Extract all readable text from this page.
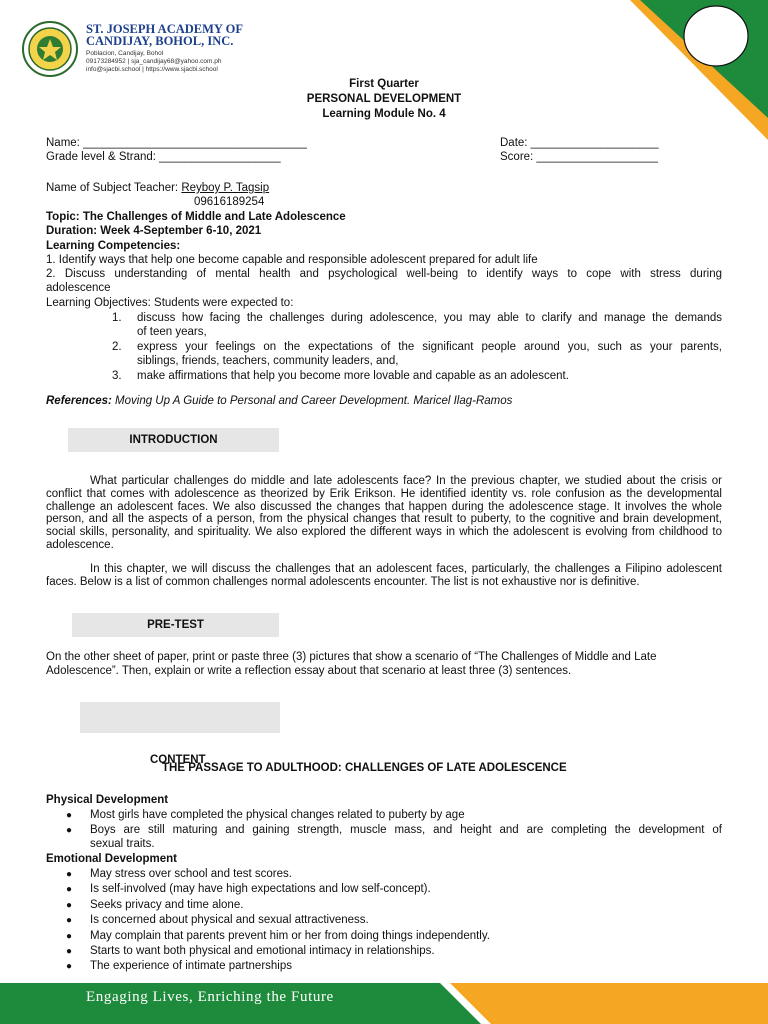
ST. JOSEPH ACADEMY OF
CANDIJAY, BOHOL, INC.
Poblacion, Candijay, Bohol
09173284952 | sja_candijay68@yahoo.com.ph
info@sjacbi.school | https://www.sjacbi.school
First Quarter
PERSONAL DEVELOPMENT
Learning Module No. 4
Name: ___________________________________	Date: ____________________
Grade level & Strand: ___________________	Score: ___________________
Name of Subject Teacher: Reyboy P. Tagsip
09616189254
Topic: The Challenges of Middle and Late Adolescence
Duration: Week 4-September 6-10, 2021
Learning Competencies:
1. Identify ways that help one become capable and responsible adolescent prepared for adult life
2. Discuss understanding of mental health and psychological well-being to identify ways to cope with stress during
adolescence
Learning Objectives: Students were expected to:
1. discuss how facing the challenges during adolescence, you may able to clarify and manage the demands
of teen years,
2. express your feelings on the expectations of the significant people around you, such as your parents,
siblings, friends, teachers, community leaders, and,
3. make affirmations that help you become more lovable and capable as an adolescent.
References: Moving Up A Guide to Personal and Career Development. Maricel Ilag-Ramos
INTRODUCTION
What particular challenges do middle and late adolescents face? In the previous chapter, we studied about the crisis or conflict that comes with adolescence as theorized by Erik Erikson. He identified identity vs. role confusion as the developmental challenge an adolescent faces. We also discussed the changes that happen during the adolescence stage. It involves the whole person, and all the aspects of a person, from the physical changes that result to puberty, to the cognitive and brain development, social skills, personality, and spirituality. We also explored the different ways in which the adolescent is evolving from childhood to adolescence.
In this chapter, we will discuss the challenges that an adolescent faces, particularly, the challenges a Filipino adolescent faces. Below is a list of common challenges normal adolescents encounter. The list is not exhaustive nor is definitive.
PRE-TEST
On the other sheet of paper, print or paste three (3) pictures that show a scenario of “The Challenges of Middle and Late
Adolescence”. Then, explain or write a reflection essay about that scenario at least three (3) sentences.
CONTENT
THE PASSAGE TO ADULTHOOD: CHALLENGES OF LATE ADOLESCENCE
Physical Development
● Most girls have completed the physical changes related to puberty by age
● Boys are still maturing and gaining strength, muscle mass, and height and are completing the development of
sexual traits.
Emotional Development
● May stress over school and test scores.
● Is self-involved (may have high expectations and low self-concept).
● Seeks privacy and time alone.
● Is concerned about physical and sexual attractiveness.
● May complain that parents prevent him or her from doing things independently.
● Starts to want both physical and emotional intimacy in relationships.
● The experience of intimate partnerships
Engaging Lives, Enriching the Future
